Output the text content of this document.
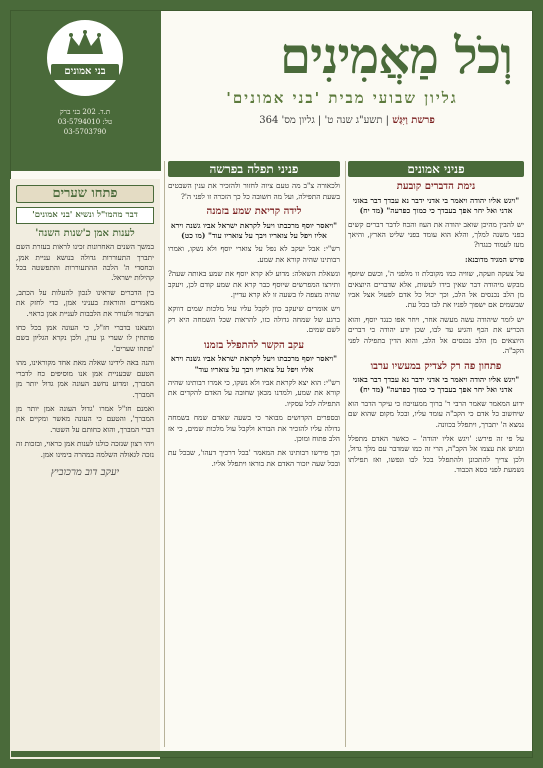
בני אמונים
ת.ד. 202 בני ברק
טל: 03-5794010
03-5703790
וְכֹל מַאֲמִינִים
גליון שבועי מבית 'בני אמונים'
פרשת וַיִּגַּשׁ | תשע"ג שנה ט' | גליון מס' 364
פניני אמונים
נימת הדברים קובעת
"ויגש אליו יהודה ויאמר בי אדני ידבר נא עבדך דבר באזני אדני ואל יחר אפך בעבדך כי כמוך כפרעה" (מד יח)
יש להבין מהיכן שואב יהודה את העוז והכח לדבר דברים קשים בפני משנה למלך, והלא הוא עומד בפני שליט הארץ, והיאך מעז לעמוד כנגדו?
פירש המגיד מדובנא:
על צעקה וזעקה, שוויה כמו מקובלת זו מלפני ה', וכשם שיוסף מבקש מיהודה דבר שאין בידו לעשות, אלא שדברים היוצאים מן הלב נכנסים אל הלב, וכך יכול כל אדם לפעול אצל אביו שבשמים אם ישפוך לפניו את לבו בכל עת.
יש לומר שיהודה עשה מעשה אחר, ויחר אפו כנגד יוסף, והוא הכריע את הכף והגיע עד לבו, שכן ידע יהודה כי דברים היוצאים מן הלב נכנסים אל הלב, והוא הדין בתפילה לפני הקב"ה.
פתחון פה רק לצדיק במעשיו ערבו
"ויגש אליו יהודה ויאמר בי אדני ידבר נא עבדך דבר באזני אדני ואל יחר אפך בעבדך כי כמוך כפרעה" (מד יח)
ידוע המאמר שאמר הרבי ר' ברוך ממעזיבוז כי עיקר הדבר הוא שיחשוב כל אדם כי הקב"ה עומד עליו, ובכל מקום שהוא שם נמצא ה' יתברך, ויתפלל בכוונה.
על פי זה פירש: 'ויגש אליו יהודה' – כאשר האדם מתפלל ומגיש את עצמו אל הקב"ה, הרי זה כמו שמדבר עם מלך גדול, ולכן צריך להתכונן ולהתפלל בכל לבו ונפשו, ואז תפילתו נשמעת לפני כסא הכבוד.
פניני תפלה בפרשה
ולכאורה צ"ב מה טעם ציוה לחזור ולהזכיר את ענין השבטים בשעת התפילה, ועל מה חשובה כל כך הזכרה זו לפני ה'?
לידה קריאת שמע בזמנה
"ויאסר יוסף מרכבתו ויעל לקראת ישראל אביו גשנה וירא אליו ויפל על צואריו ויבך על צואריו עוד" (מו כט)
רש"י: אבל יעקב לא נפל על צוארי יוסף ולא נשקו, ואמרו רבותינו שהיה קורא את שמע.
ונשאלת השאלה: מדוע לא קרא יוסף את שמע באותה שעה? ותירצו המפרשים שיוסף כבר קרא את שמע קודם לכן, ויעקב שהיה מצפה לו בשעה זו לא קרא עדיין.
ויש אומרים שיעקב כוון לקבל עליו עול מלכות שמים דווקא ברגע של שמחה גדולה כזו, להראות שכל השמחה היא רק לשם שמים.
עקב הקשר להתפלל בזמנו
"ויאסר יוסף מרכבתו ויעל לקראת ישראל אביו גשנה וירא אליו ויפל על צואריו ויבך על צואריו עוד"
רש"י: הוא יצא לקראת אביו ולא נשקו, כי אמרו רבותינו שהיה קורא את שמע, ולמדנו מכאן שחובה על האדם להקדים את התפילה לכל עסקיו.
ובספרים הקדושים מבואר כי בשעה שאדם שמח בשמחה גדולה עליו להזכיר את הבורא ולקבל עול מלכות שמים, כי אז הלב פתוח ומוכן.
וכך פירשו רבותינו את המאמר 'בכל דרכיך דעהו', שבכל עת ובכל שעה יזכור האדם את בוראו ויתפלל אליו.
פתחו שערים
דבר מהמו"ל ונשיא 'בני אמונים'
לענות אמן כ'שנות השנה'
במשך השנים האחרונות זכינו לראות בעזרת השם יתברך התעוררות גדולה בנושא עניית אמן, ובחסדי ה' הלכה ההתעוררות והתפשטה בכל קהילות ישראל.
בין הדברים שראינו לנכון להעלות על הכתב, מאמרים והוראות בעניני אמן, כדי לחזק את הציבור ולעורר את הלבבות לעניית אמן כראוי.
ומצאנו בדברי חז"ל, כי העונה אמן בכל כחו פותחין לו שערי גן עדן, ולכן נקרא הגליון בשם 'פתחו שערים'.
והנה באה לידינו שאלה מאת אחד מקוראינו, מהו הטעם שבעניית אמן אנו מוסיפים כח לדברי המברך, ומדוע נחשב העונה אמן גדול יותר מן המברך.
ואמנם חז"ל אמרו 'גדול העונה אמן יותר מן המברך', והטעם כי העונה מאשר ומקיים את דברי המברך, והוא כחותם על השטר.
ויהי רצון שנזכה כולנו לענות אמן כראוי, ובזכות זה נזכה לגאולה השלמה במהרה בימינו אמן.
יעקב דוב מרכוביץ
